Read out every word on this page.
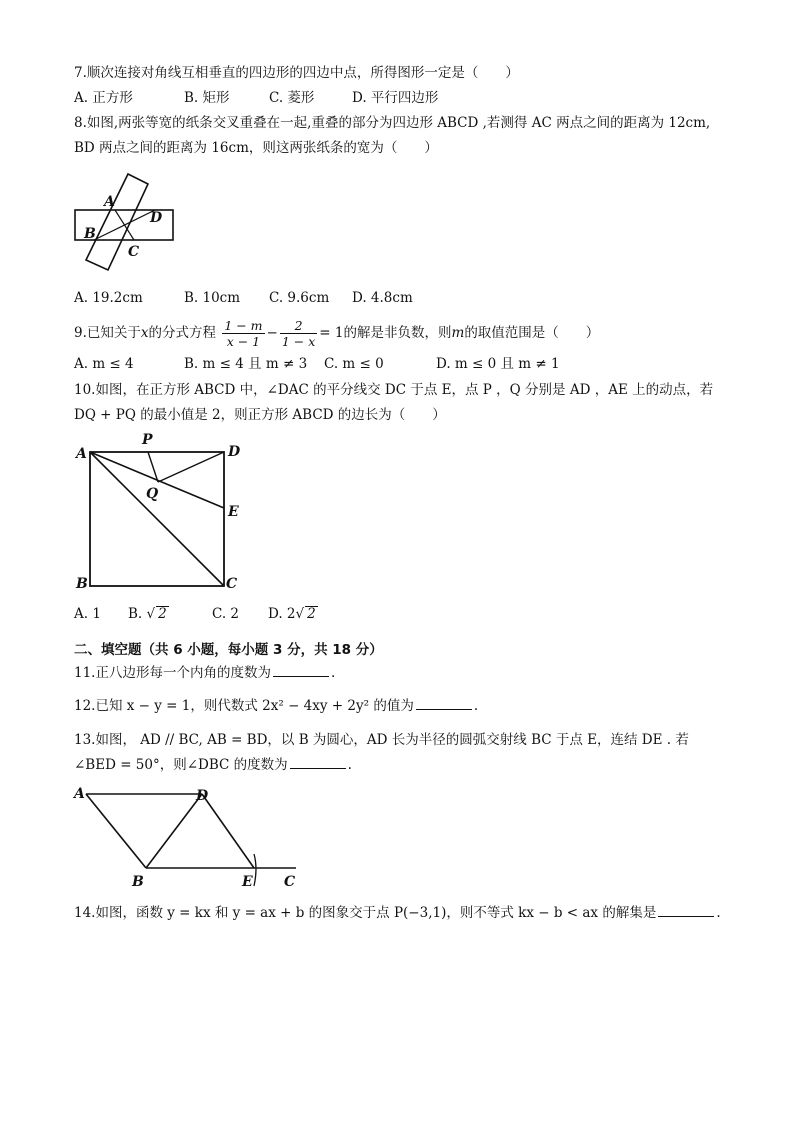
7.顺次连接对角线互相垂直的四边形的四边中点，所得图形一定是（　　）
A. 正方形	B. 矩形	C. 菱形	D. 平行四边形
8.如图,两张等宽的纸条交叉重叠在一起,重叠的部分为四边形 ABCD ,若测得 AC 两点之间的距离为 12cm,
BD 两点之间的距离为 16cm，则这两张纸条的宽为（　　）
A
B
C
D
A. 19.2cm	B. 10cm C. 9.6cm D. 4.8cm
9.已知关于x的分式方程 $\frac{1 - m}{x - 1} - \frac{2}{1 - x} = 1$的解是非负数，则m的取值范围是（　　）
A. m ≤ 4	B. m ≤ 4 且 m ≠ 3 C. m ≤ 0	D. m ≤ 0 且 m ≠ 1
10.如图，在正方形 ABCD 中，∠DAC 的平分线交 DC 于点 E，点 P ，Q 分别是 AD ，AE 上的动点，若
DQ + PQ 的最小值是 2，则正方形 ABCD 的边长为（　　）
A
P
D
Q
E
B	C
A. 1 B. √ 2	C. 2 D. 2√ 2
二、填空题（共 6 小题，每小题 3 分，共 18 分）
11.正八边形每一个内角的度数为	.
12.已知 x − y = 1，则代数式 2x² − 4xy + 2y² 的值为	.
13.如图， AD // BC, AB = BD，以 B 为圆心，AD 长为半径的圆弧交射线 BC 于点 E，连结 DE . 若
∠BED = 50°，则∠DBC 的度数为	.
A	D
B	E C
14.如图，函数 y = kx 和 y = ax + b 的图象交于点 P(−3,1)，则不等式 kx − b < ax 的解集是	.
